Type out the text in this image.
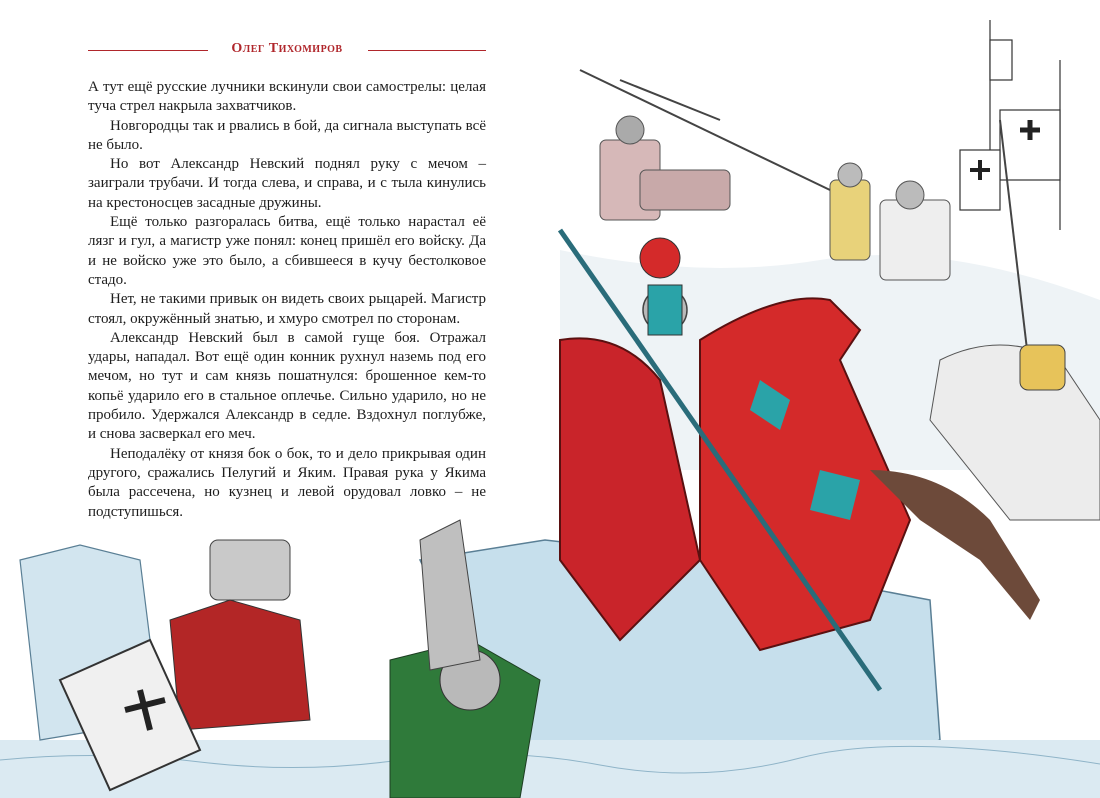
Олег Тихомиров

А тут ещё русские лучники вскинули свои самострелы: целая туча стрел накрыла захватчиков.

Новгородцы так и рвались в бой, да сигнала выступать всё не было.

Но вот Александр Невский поднял руку с мечом – заиграли трубачи. И тогда слева, и справа, и с тыла кинулись на крестоносцев засадные дружины.

Ещё только разгоралась битва, ещё только нарастал её лязг и гул, а магистр уже понял: конец пришёл его войску. Да и не войско уже это было, а сбившееся в кучу бестолковое стадо.

Нет, не такими привык он видеть своих рыцарей. Магистр стоял, окружённый знатью, и хмуро смотрел по сторонам.

Александр Невский был в самой гуще боя. Отражал удары, нападал. Вот ещё один конник рухнул наземь под его мечом, но тут и сам князь пошатнулся: брошенное кем-то копьё ударило его в стальное оплечье. Сильно ударило, но не пробило. Удержался Александр в седле. Вздохнул поглубже, и снова засверкал его меч.

Неподалёку от князя бок о бок, то и дело прикрывая один другого, сражались Пелугий и Яким. Правая рука у Якима была рассечена, но кузнец и левой орудовал ловко – не подступишься.
